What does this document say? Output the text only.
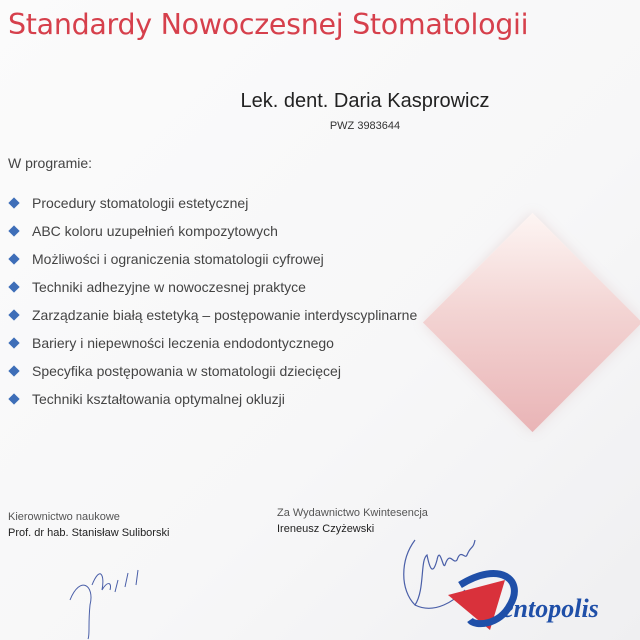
Standardy Nowoczesnej Stomatologii
Lek. dent. Daria Kasprowicz
PWZ 3983644
W programie:
Procedury stomatologii estetycznej
ABC koloru uzupełnień kompozytowych
Możliwości i ograniczenia stomatologii cyfrowej
Techniki adhezyjne w nowoczesnej praktyce
Zarządzanie białą estetyką – postępowanie interdyscyplinarne
Bariery i niepewności leczenia endodontycznego
Specyfika postępowania w stomatologii dziecięcej
Techniki kształtowania optymalnej okluzji
Kierownictwo naukowe
Prof. dr hab. Stanisław Suliborski
Za Wydawnictwo Kwintesencja
Ireneusz Czyżewski
entopolis
